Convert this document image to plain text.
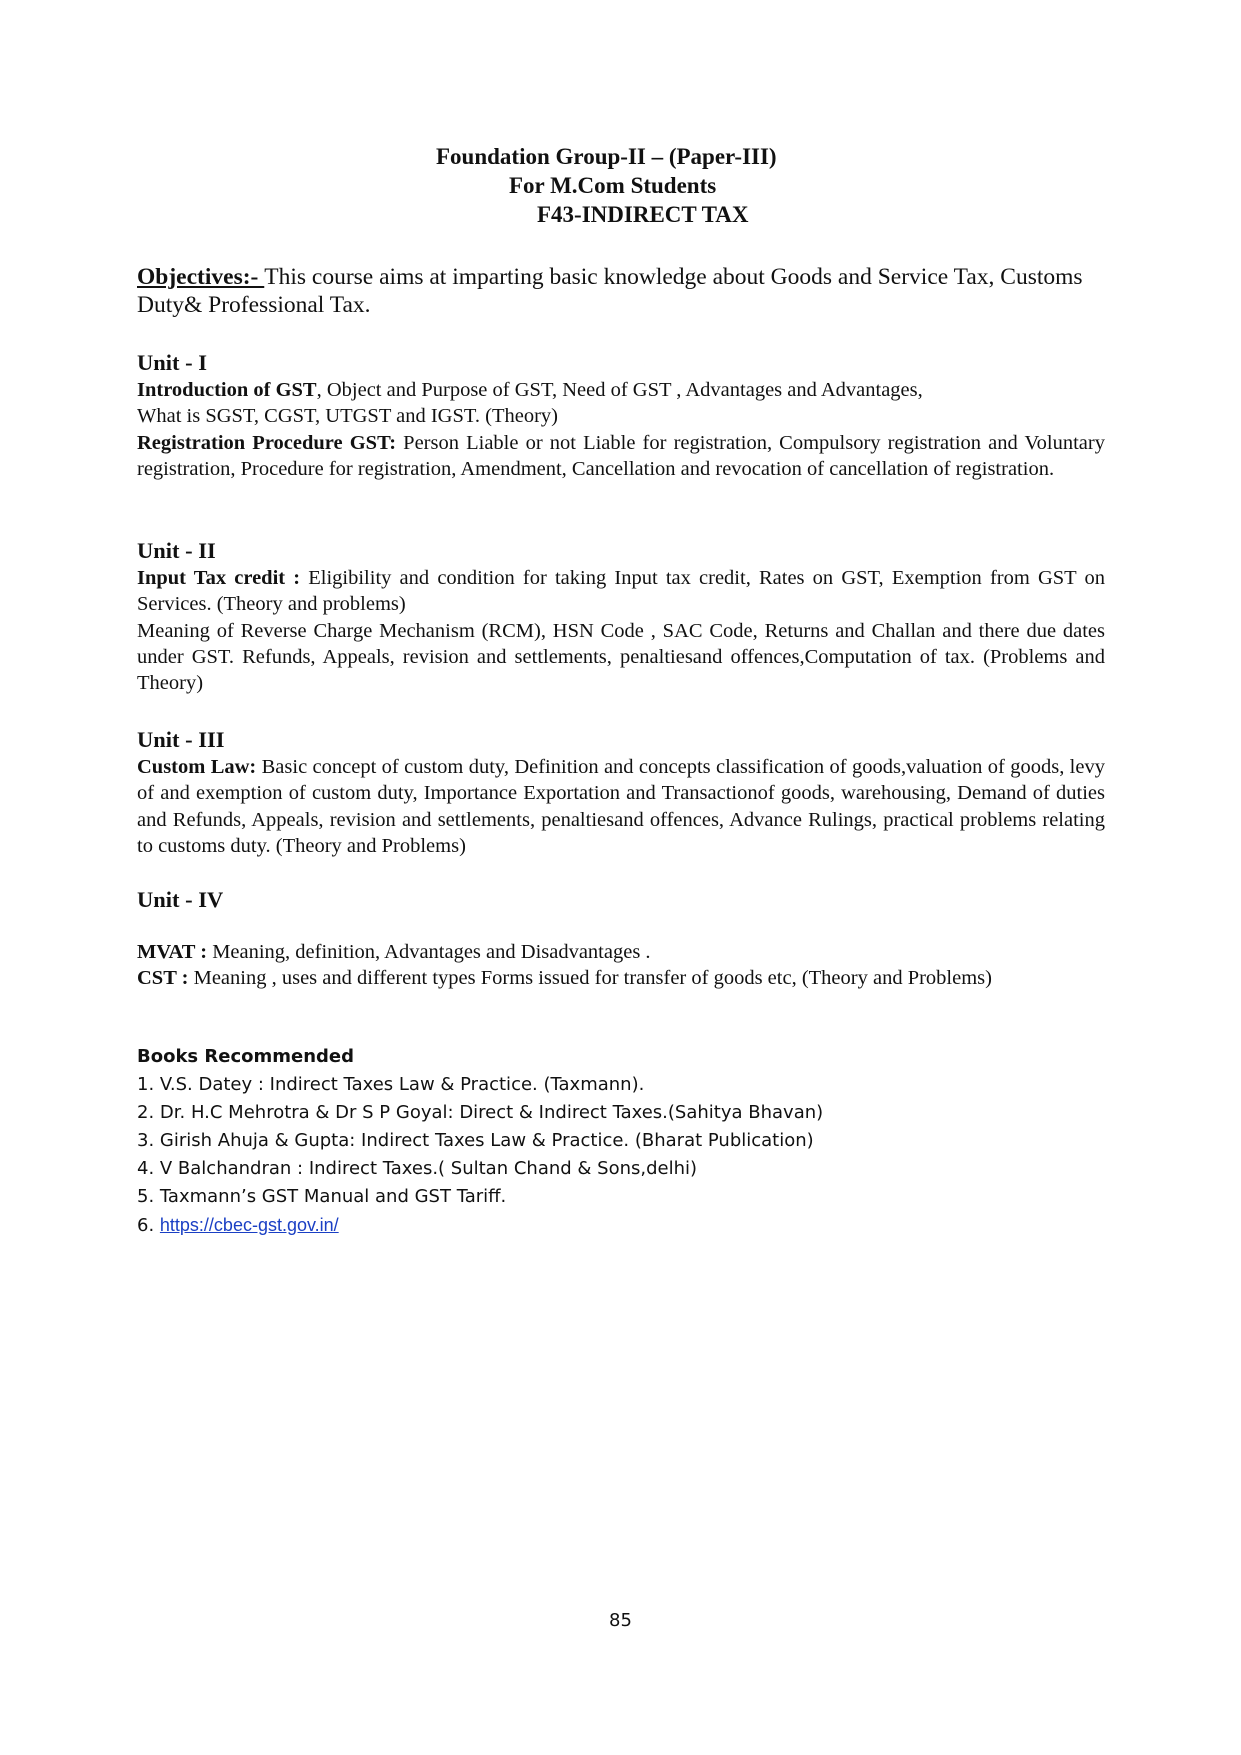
Foundation Group-II – (Paper-III)
For M.Com Students
F43-INDIRECT TAX
Objectives:- This course aims at imparting basic knowledge about Goods and Service Tax, Customs Duty& Professional Tax.
Unit - I

Introduction of GST, Object and Purpose of GST, Need of GST , Advantages and Advantages,

What is SGST, CGST, UTGST and IGST. (Theory)

Registration Procedure GST: Person Liable or not Liable for registration, Compulsory registration and Voluntary registration, Procedure for registration, Amendment, Cancellation and revocation of cancellation of registration.

Unit - II

Input Tax credit : Eligibility and condition for taking Input tax credit, Rates on GST, Exemption from GST on Services. (Theory and problems)

Meaning of Reverse Charge Mechanism (RCM), HSN Code , SAC Code, Returns and Challan and there due dates under GST. Refunds, Appeals, revision and settlements, penaltiesand offences,Computation of tax. (Problems and Theory)

Unit - III

Custom Law: Basic concept of custom duty, Definition and concepts classification of goods,valuation of goods, levy of and exemption of custom duty, Importance Exportation and Transactionof goods, warehousing, Demand of duties and Refunds, Appeals, revision and settlements, penaltiesand offences, Advance Rulings, practical problems relating to customs duty. (Theory and Problems)

Unit - IV

MVAT : Meaning, definition, Advantages and Disadvantages .

CST : Meaning , uses and different types Forms issued for transfer of goods etc, (Theory and Problems)

Books Recommended
1. V.S. Datey : Indirect Taxes Law & Practice. (Taxmann).
2. Dr. H.C Mehrotra & Dr S P Goyal: Direct & Indirect Taxes.(Sahitya Bhavan)
3. Girish Ahuja & Gupta: Indirect Taxes Law & Practice. (Bharat Publication)
4. V Balchandran : Indirect Taxes.( Sultan Chand & Sons,delhi)
5. Taxmann’s GST Manual and GST Tariff.
6. https://cbec-gst.gov.in/
85
